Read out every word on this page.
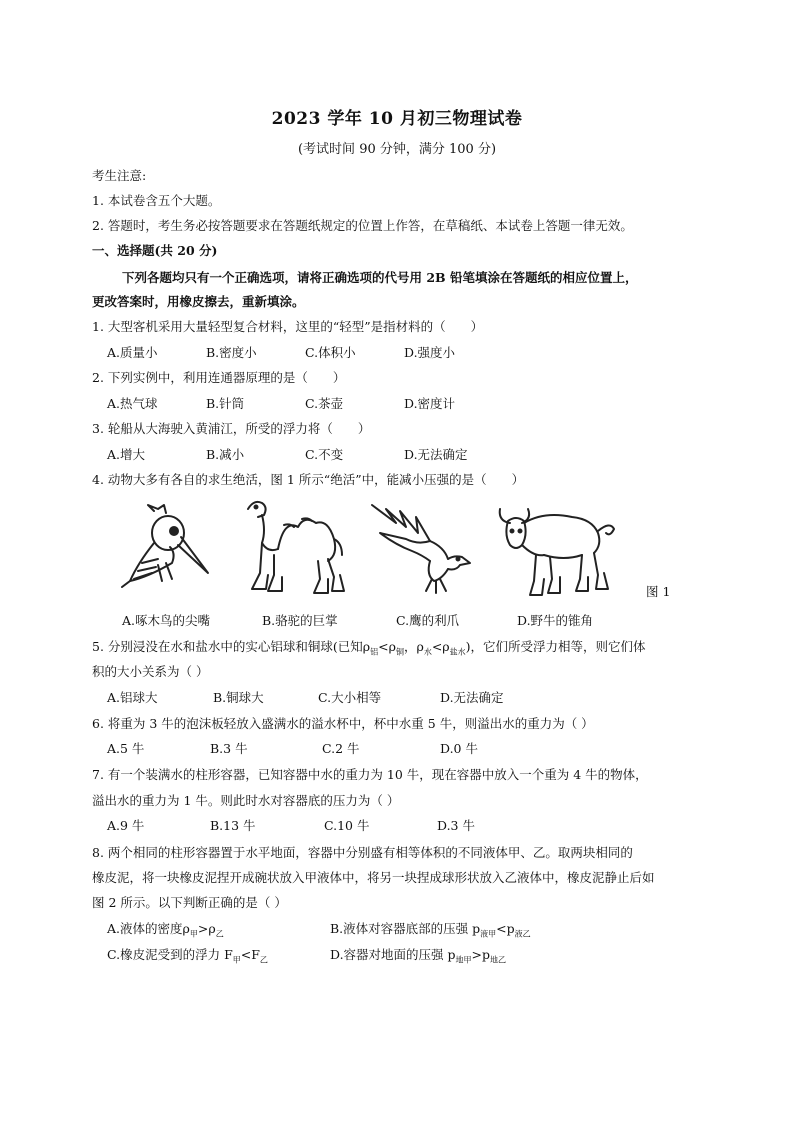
2023 学年 10 月初三物理试卷
(考试时间 90 分钟，满分 100 分)
考生注意:
1. 本试卷含五个大题。
2. 答题时，考生务必按答题要求在答题纸规定的位置上作答，在草稿纸、本试卷上答题一律无效。
一、选择题(共 20 分)
下列各题均只有一个正确选项，请将正确选项的代号用 2B 铅笔填涂在答题纸的相应位置上，
更改答案时，用橡皮擦去，重新填涂。
1. 大型客机采用大量轻型复合材料，这里的“轻型”是指材料的（　　）
A.质量小	B.密度小	C.体积小	D.强度小
2. 下列实例中，利用连通器原理的是（　　）
A.热气球	B.针筒	C.茶壶	D.密度计
3. 轮船从大海驶入黄浦江，所受的浮力将（　　）
A.增大	B.减小	C.不变	D.无法确定
4. 动物大多有各自的求生绝活，图 1 所示“绝活”中，能减小压强的是（　　）
图 1
A.啄木鸟的尖嘴	B.骆驼的巨掌	C.鹰的利爪	D.野牛的锥角
5. 分别浸没在水和盐水中的实心铝球和铜球(已知$\rho_铝<\rho_铜$，$\rho_水<\rho_{盐水}$)，它们所受浮力相等，则它们体
积的大小关系为（ ）
A.铝球大	B.铜球大	C.大小相等	D.无法确定
6. 将重为 3 牛的泡沫板轻放入盛满水的溢水杯中，杯中水重 5 牛，则溢出水的重力为（ ）
A.5 牛	B.3 牛	C.2 牛	D.0 牛
7. 有一个装满水的柱形容器，已知容器中水的重力为 10 牛，现在容器中放入一个重为 4 牛的物体，
溢出水的重力为 1 牛。则此时水对容器底的压力为（ ）
A.9 牛	B.13 牛	C.10 牛	D.3 牛
8. 两个相同的柱形容器置于水平地面，容器中分别盛有相等体积的不同液体甲、乙。取两块相同的
橡皮泥，将一块橡皮泥捏开成碗状放入甲液体中，将另一块捏成球形状放入乙液体中，橡皮泥静止后如
图 2 所示。以下判断正确的是（ ）
A.液体的密度$\rho_甲>\rho_乙$	B.液体对容器底部的压强 $p_{液甲}<p_{液乙}$
C.橡皮泥受到的浮力 $F_甲<F_乙$	D.容器对地面的压强 $p_{地甲}>p_{地乙}$
